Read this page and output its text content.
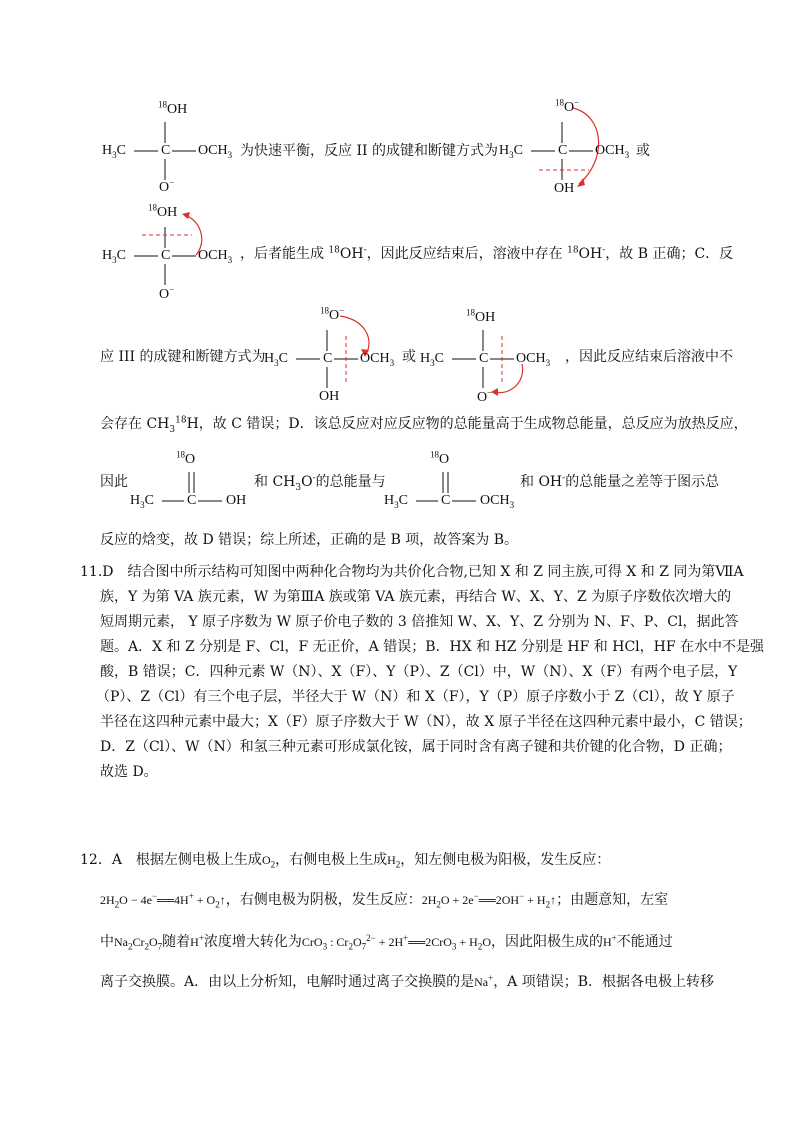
$^{18}$OH
$H_3C$	C $OCH_3$
O−
为快速平衡，反应 II 的成键和断键方式为
$^{18}$O−
$H_3C$	C $OCH_3$
OH
或
$^{18}$OH
$H_3C$	C $OCH_3$
O−
，后者能生成 $^{18}$OH-，因此反应结束后，溶液中存在 $^{18}$OH-，故 B 正确；C．反
应 III 的成键和断键方式为
$^{18}$O−
$H_3C$	C $OCH_3$
OH
或
$^{18}$OH
$H_3C$	C $OCH_3$
O−
，因此反应结束后溶液中不
会存在 $CH_3^{18}H$，故 C 错误；D．该总反应对应反应物的总能量高于生成物总能量，总反应为放热反应，
因此
$^{18}$O
$H_3C$ C OH
和 $CH_3O^-$的总能量与
$^{18}$O
$H_3C$ C $OCH_3$
和 OH-的总能量之差等于图示总
反应的焓变，故 D 错误；综上所述，正确的是 B 项，故答案为 B。
11.D　结合图中所示结构可知图中两种化合物均为共价化合物,已知 X 和 Z 同主族,可得 X 和 Z 同为第ⅦA
族，Y 为第 VA 族元素，W 为第ⅢA 族或第 VA 族元素，再结合 W、X、Y、Z 为原子序数依次增大的
短周期元素， Y 原子序数为 W 原子价电子数的 3 倍推知 W、X、Y、Z 分别为 N、F、P、Cl，据此答
题。A．X 和 Z 分别是 F、Cl，F 无正价，A 错误；B．HX 和 HZ 分别是 HF 和 HCl，HF 在水中不是强
酸，B 错误；C．四种元素 W（N）、X（F）、Y（P）、Z（Cl）中，W（N）、X（F）有两个电子层，Y
（P）、Z（Cl）有三个电子层，半径大于 W（N）和 X（F），Y（P）原子序数小于 Z（Cl），故 Y 原子
半径在这四种元素中最大；X（F）原子序数大于 W（N），故 X 原子半径在这四种元素中最小，C 错误；
D．Z（Cl）、W（N）和氢三种元素可形成氯化铵，属于同时含有离子键和共价键的化合物，D 正确；
故选 D。
12．A　根据左侧电极上生成$O_2$，右侧电极上生成$H_2$，知左侧电极为阳极，发生反应：
$2H_2O$ − 4e−══4H+ + $O_2↑$，右侧电极为阴极，发生反应：$2H_2O$ + 2e−══2OH− + $H_2↑$；由题意知，左室
中$Na_2Cr_2O_7$随着H+浓度增大转化为CrO$_3$ : $Cr_2O_7^{2-}$ + 2H+══2CrO$_3$ + $H_2O$，因此阳极生成的H+不能通过
离子交换膜。A．由以上分析知，电解时通过离子交换膜的是Na+，A 项错误；B．根据各电极上转移
